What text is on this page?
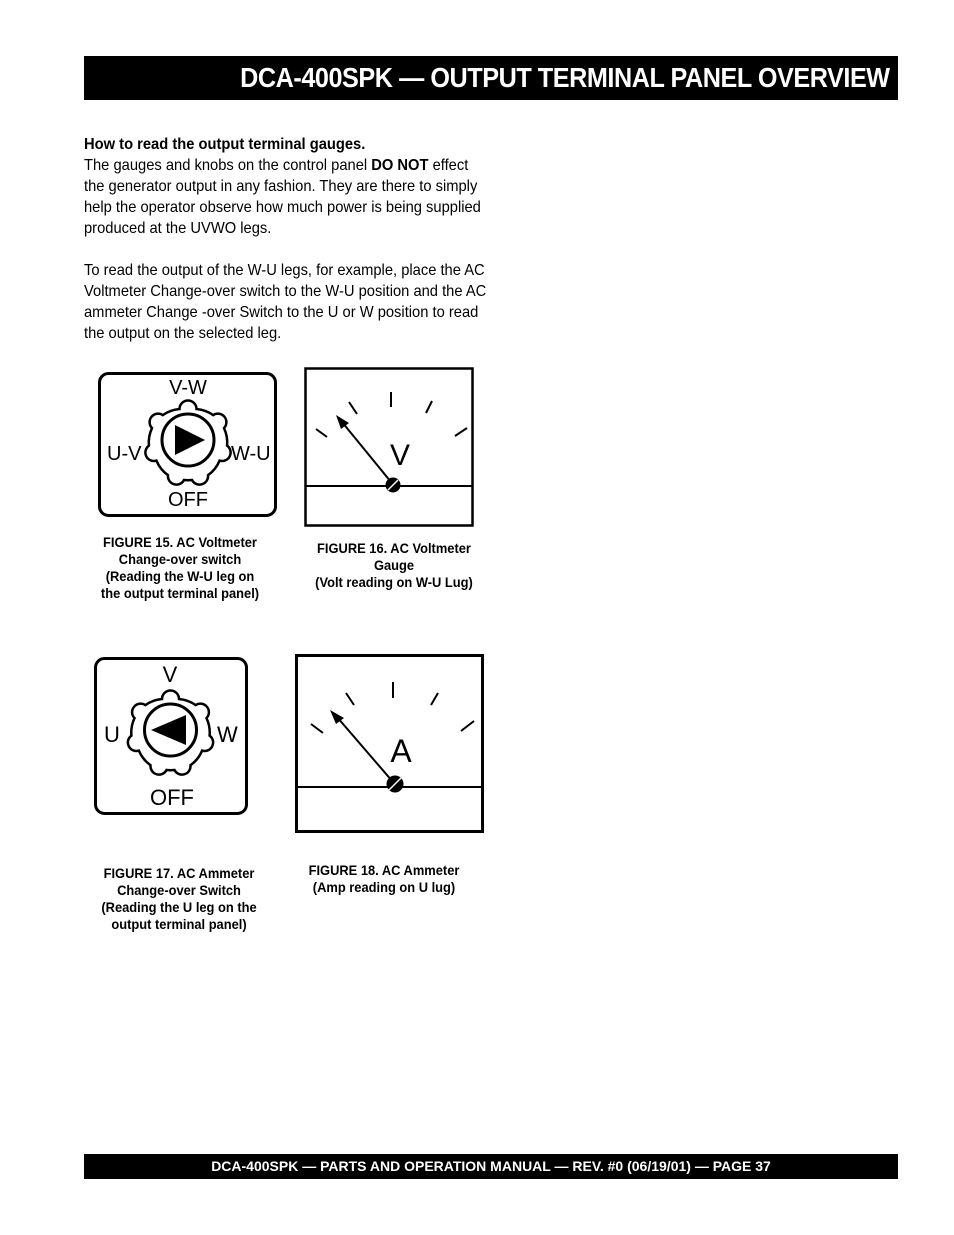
DCA-400SPK — OUTPUT TERMINAL PANEL OVERVIEW

How to read the output terminal gauges.

The gauges and knobs on the control panel DO NOT effect the generator output in any fashion. They are there to simply help the operator observe how much power is being supplied produced at the UVWO legs.

To read the output of the W-U legs, for example, place the AC Voltmeter Change-over switch to the W-U position and the AC ammeter Change -over Switch to the U or W position to read the output on the selected leg.

V-W
U-V	W-U
OFF
FIGURE 15. AC Voltmeter
Change-over switch
(Reading the W-U leg on
the output terminal panel)
V
FIGURE 16. AC Voltmeter
Gauge
(Volt reading on W-U Lug)
V
U	W
OFF
FIGURE 17. AC Ammeter
Change-over Switch
(Reading the U leg on the
output terminal panel)
A
FIGURE 18. AC Ammeter
(Amp reading on U lug)
DCA-400SPK — PARTS AND OPERATION MANUAL — REV. #0 (06/19/01) — PAGE 37
